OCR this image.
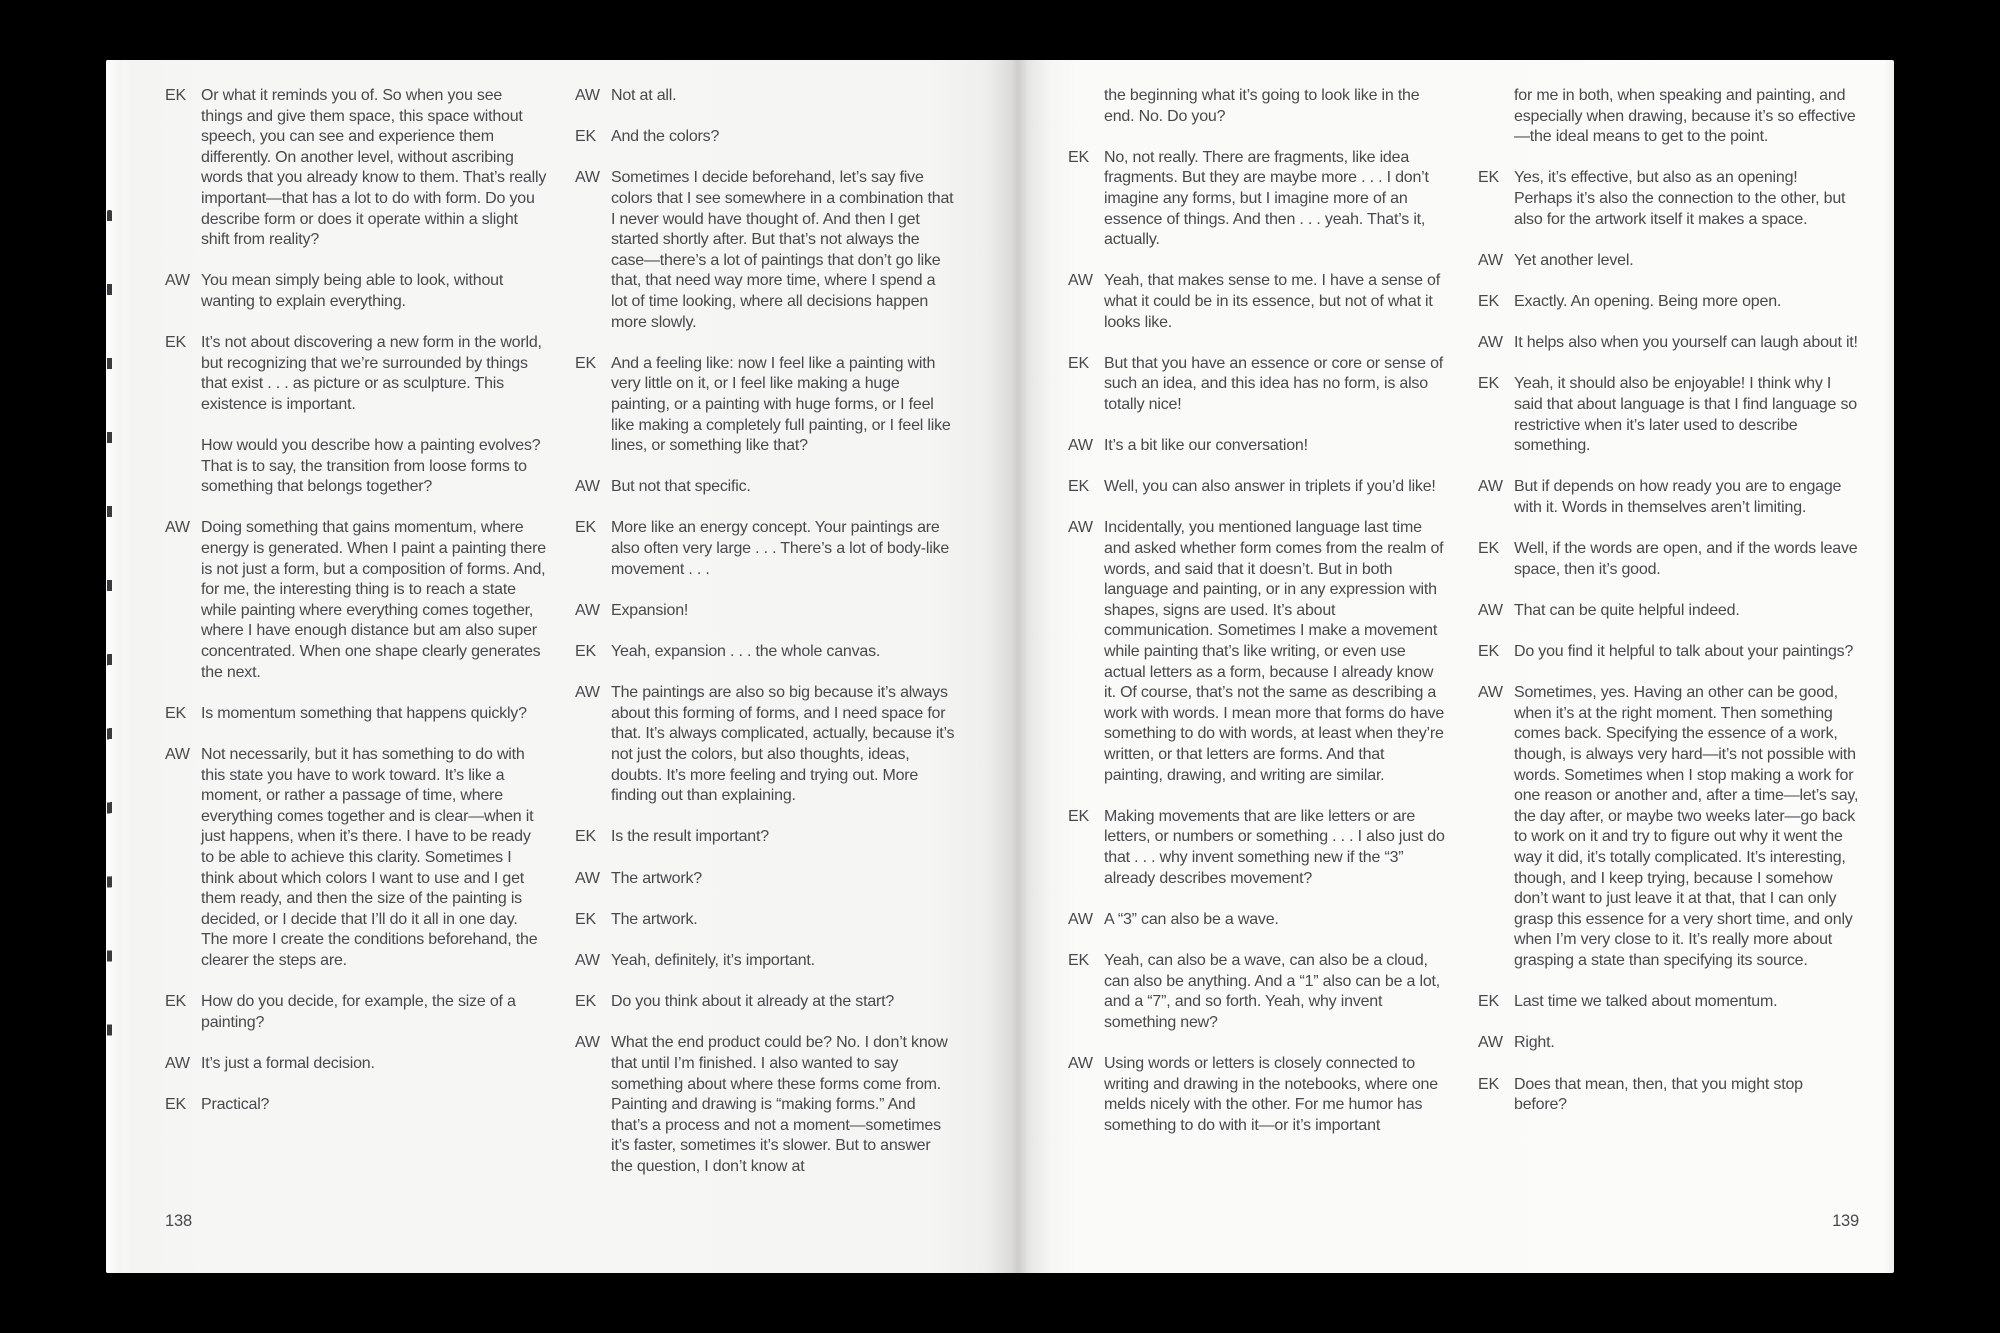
EK Or what it reminds you of. So when you see things and give them space, this space without speech, you can see and experience them differently. On another level, without ascribing words that you already know to them. That’s really important—that has a lot to do with form. Do you describe form or does it operate within a slight shift from reality?

AW You mean simply being able to look, without wanting to explain everything.

EK It’s not about discovering a new form in the world, but recognizing that we’re surrounded by things that exist . . . as picture or as sculpture. This existence is important.

How would you describe how a painting evolves? That is to say, the transition from loose forms to something that belongs together?

AW Doing something that gains momentum, where energy is generated. When I paint a painting there is not just a form, but a composition of forms. And, for me, the interesting thing is to reach a state while painting where everything comes together, where I have enough distance but am also super concentrated. When one shape clearly generates the next.

EK Is momentum something that happens quickly?

AW Not necessarily, but it has something to do with this state you have to work toward. It’s like a moment, or rather a passage of time, where everything comes together and is clear—when it just happens, when it’s there. I have to be ready to be able to achieve this clarity. Sometimes I think about which colors I want to use and I get them ready, and then the size of the painting is decided, or I decide that I’ll do it all in one day. The more I create the conditions beforehand, the clearer the steps are.

EK How do you decide, for example, the size of a painting?

AW It’s just a formal decision.

EK Practical?

AW Not at all.

EK And the colors?

AW Sometimes I decide beforehand, let’s say five colors that I see somewhere in a combination that I never would have thought of. And then I get started shortly after. But that’s not always the case—there’s a lot of paintings that don’t go like that, that need way more time, where I spend a lot of time looking, where all decisions happen more slowly.

EK And a feeling like: now I feel like a painting with very little on it, or I feel like making a huge painting, or a painting with huge forms, or I feel like making a completely full painting, or I feel like lines, or something like that?

AW But not that specific.

EK More like an energy concept. Your paintings are also often very large . . . There’s a lot of body-like movement . . .

AW Expansion!

EK Yeah, expansion . . . the whole canvas.

AW The paintings are also so big because it’s always about this forming of forms, and I need space for that. It’s always complicated, actually, because it’s not just the colors, but also thoughts, ideas, doubts. It’s more feeling and trying out. More finding out than explaining.

EK Is the result important?

AW The artwork?

EK The artwork.

AW Yeah, definitely, it’s important.

EK Do you think about it already at the start?

AW What the end product could be? No. I don’t know that until I’m finished. I also wanted to say something about where these forms come from. Painting and drawing is “making forms.” And that’s a process and not a moment—sometimes it’s faster, sometimes it’s slower. But to answer the question, I don’t know at

the beginning what it’s going to look like in the end. No. Do you?

EK No, not really. There are fragments, like idea fragments. But they are maybe more . . . I don’t imagine any forms, but I imagine more of an essence of things. And then . . . yeah. That’s it, actually.

AW Yeah, that makes sense to me. I have a sense of what it could be in its essence, but not of what it looks like.

EK But that you have an essence or core or sense of such an idea, and this idea has no form, is also totally nice!

AW It’s a bit like our conversation!

EK Well, you can also answer in triplets if you’d like!

AW Incidentally, you mentioned language last time and asked whether form comes from the realm of words, and said that it doesn’t. But in both language and painting, or in any expression with shapes, signs are used. It’s about communication. Sometimes I make a movement while painting that’s like writing, or even use actual letters as a form, because I already know it. Of course, that’s not the same as describing a work with words. I mean more that forms do have something to do with words, at least when they’re written, or that letters are forms. And that painting, drawing, and writing are similar.

EK Making movements that are like letters or are letters, or numbers or something . . . I also just do that . . . why invent something new if the “3” already describes movement?

AW A “3” can also be a wave.

EK Yeah, can also be a wave, can also be a cloud, can also be anything. And a “1” also can be a lot, and a “7”, and so forth. Yeah, why invent something new?

AW Using words or letters is closely connected to writing and drawing in the notebooks, where one melds nicely with the other. For me humor has something to do with it—or it’s important

for me in both, when speaking and painting, and especially when drawing, because it’s so effective—the ideal means to get to the point.

EK Yes, it’s effective, but also as an opening! Perhaps it’s also the connection to the other, but also for the artwork itself it makes a space.

AW Yet another level.

EK Exactly. An opening. Being more open.

AW It helps also when you yourself can laugh about it!

EK Yeah, it should also be enjoyable! I think why I said that about language is that I find language so restrictive when it’s later used to describe something.

AW But if depends on how ready you are to engage with it. Words in themselves aren’t limiting.

EK Well, if the words are open, and if the words leave space, then it’s good.

AW That can be quite helpful indeed.

EK Do you find it helpful to talk about your paintings?

AW Sometimes, yes. Having an other can be good, when it’s at the right moment. Then something comes back. Specifying the essence of a work, though, is always very hard—it’s not possible with words. Sometimes when I stop making a work for one reason or another and, after a time—let’s say, the day after, or maybe two weeks later—go back to work on it and try to figure out why it went the way it did, it’s totally complicated. It’s interesting, though, and I keep trying, because I somehow don’t want to just leave it at that, that I can only grasp this essence for a very short time, and only when I’m very close to it. It’s really more about grasping a state than specifying its source.

EK Last time we talked about momentum.

AW Right.

EK Does that mean, then, that you might stop before?

138	139
